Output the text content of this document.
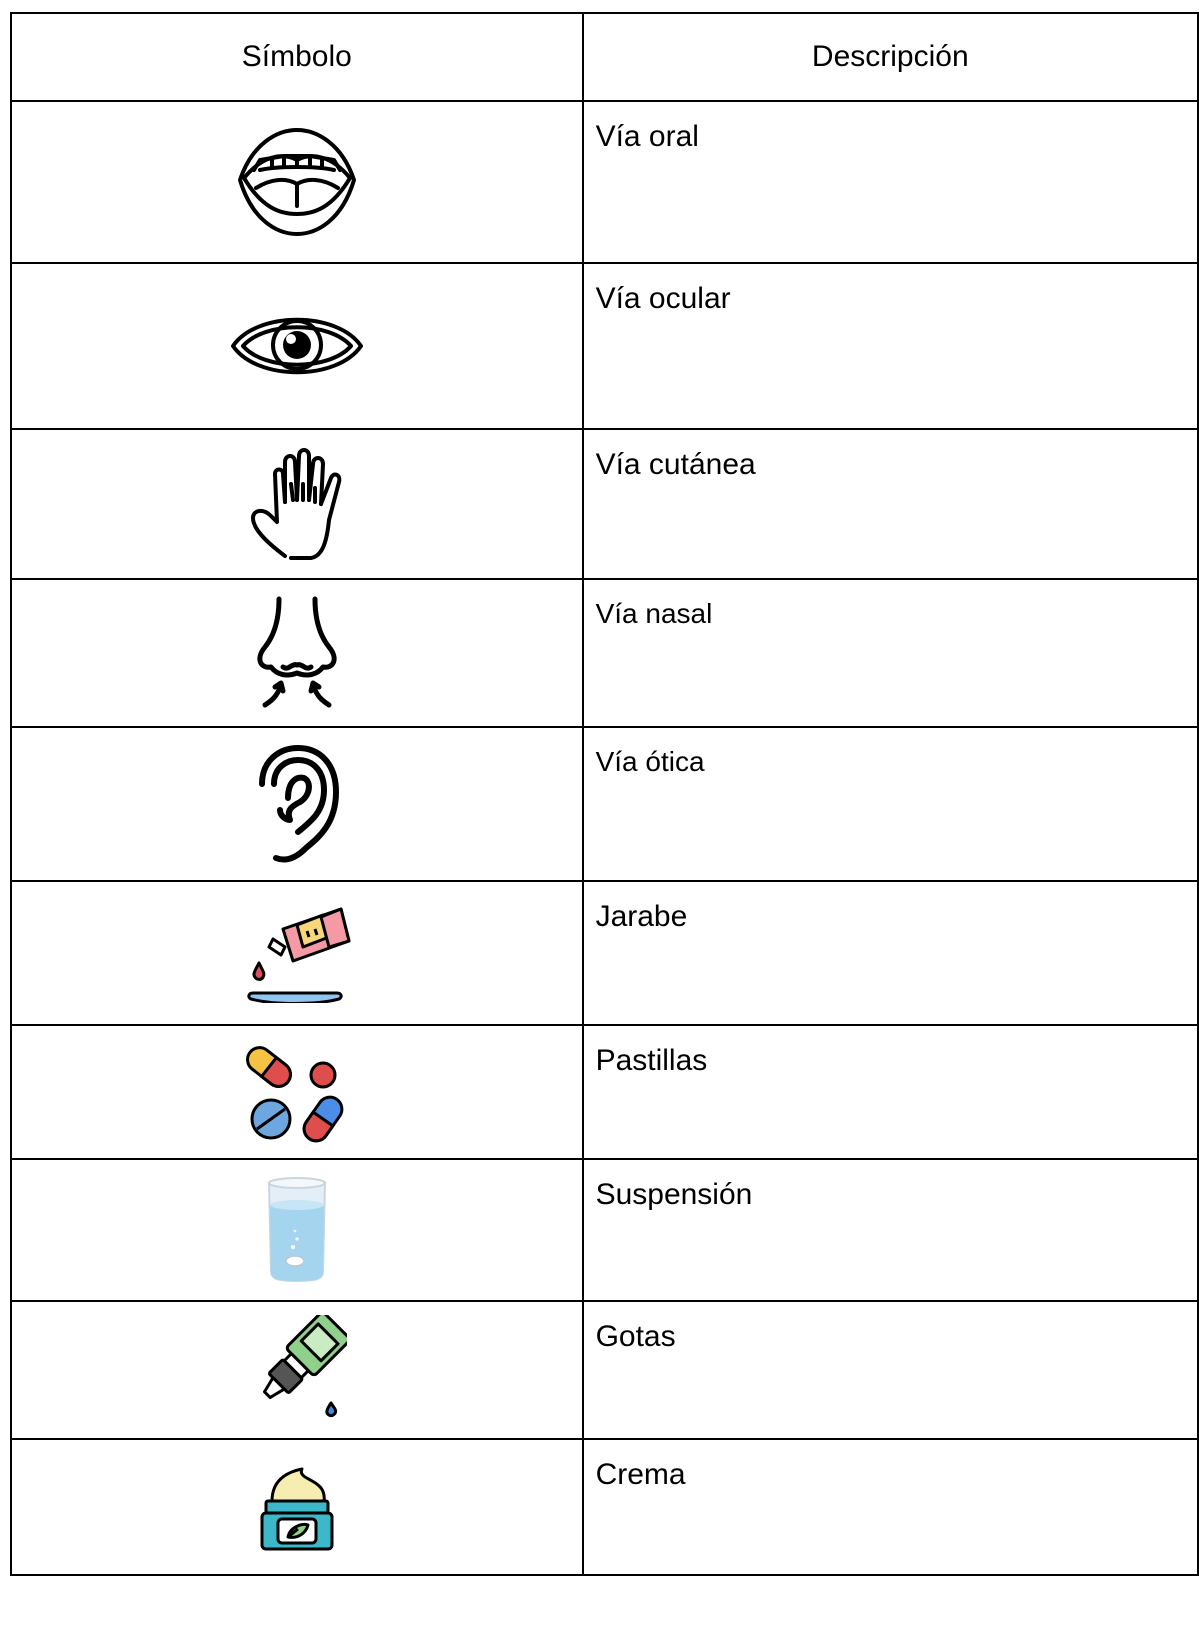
Símbolo	Descripción

	Vía oral

	Vía ocular

	Vía cutánea

	Vía nasal

	Vía ótica

	Jarabe

	Pastillas

	Suspensión

	Gotas

	Crema
